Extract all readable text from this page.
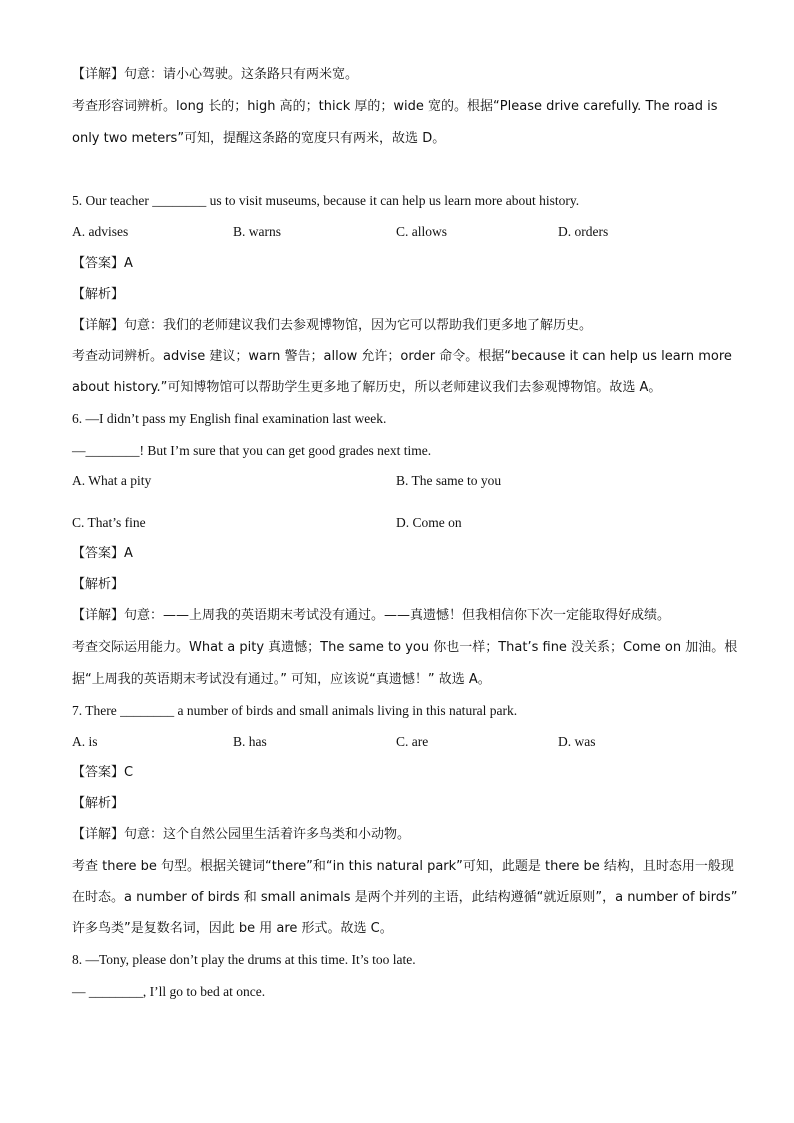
【详解】句意：请小心驾驶。这条路只有两米宽。
考查形容词辨析。long 长的；high 高的；thick 厚的；wide 宽的。根据“Please drive carefully. The road is
only two meters”可知，提醒这条路的宽度只有两米，故选 D。
5. Our teacher ________ us to visit museums, because it can help us learn more about history.
A. advises	B. warns	C. allows	D. orders
【答案】A
【解析】
【详解】句意：我们的老师建议我们去参观博物馆，因为它可以帮助我们更多地了解历史。
考查动词辨析。advise 建议；warn 警告；allow 允许；order 命令。根据“because it can help us learn more
about history.”可知博物馆可以帮助学生更多地了解历史，所以老师建议我们去参观博物馆。故选 A。
6. —I didn’t pass my English final examination last week.
—________! But I’m sure that you can get good grades next time.
A. What a pity	B. The same to you
C. That’s fine	D. Come on
【答案】A
【解析】
【详解】句意：——上周我的英语期末考试没有通过。——真遗憾！但我相信你下次一定能取得好成绩。
考查交际运用能力。What a pity 真遗憾；The same to you 你也一样；That’s fine 没关系；Come on 加油。根
据“上周我的英语期末考试没有通过。” 可知，应该说“真遗憾！” 故选 A。
7. There ________ a number of birds and small animals living in this natural park.
A. is	B. has	C. are	D. was
【答案】C
【解析】
【详解】句意：这个自然公园里生活着许多鸟类和小动物。
考查 there be 句型。根据关键词“there”和“in this natural park”可知，此题是 there be 结构，且时态用一般现
在时态。a number of birds 和 small animals 是两个并列的主语，此结构遵循“就近原则”，a number of birds”
许多鸟类”是复数名词，因此 be 用 are 形式。故选 C。
8. —Tony, please don’t play the drums at this time. It’s too late.
— ________, I’ll go to bed at once.
